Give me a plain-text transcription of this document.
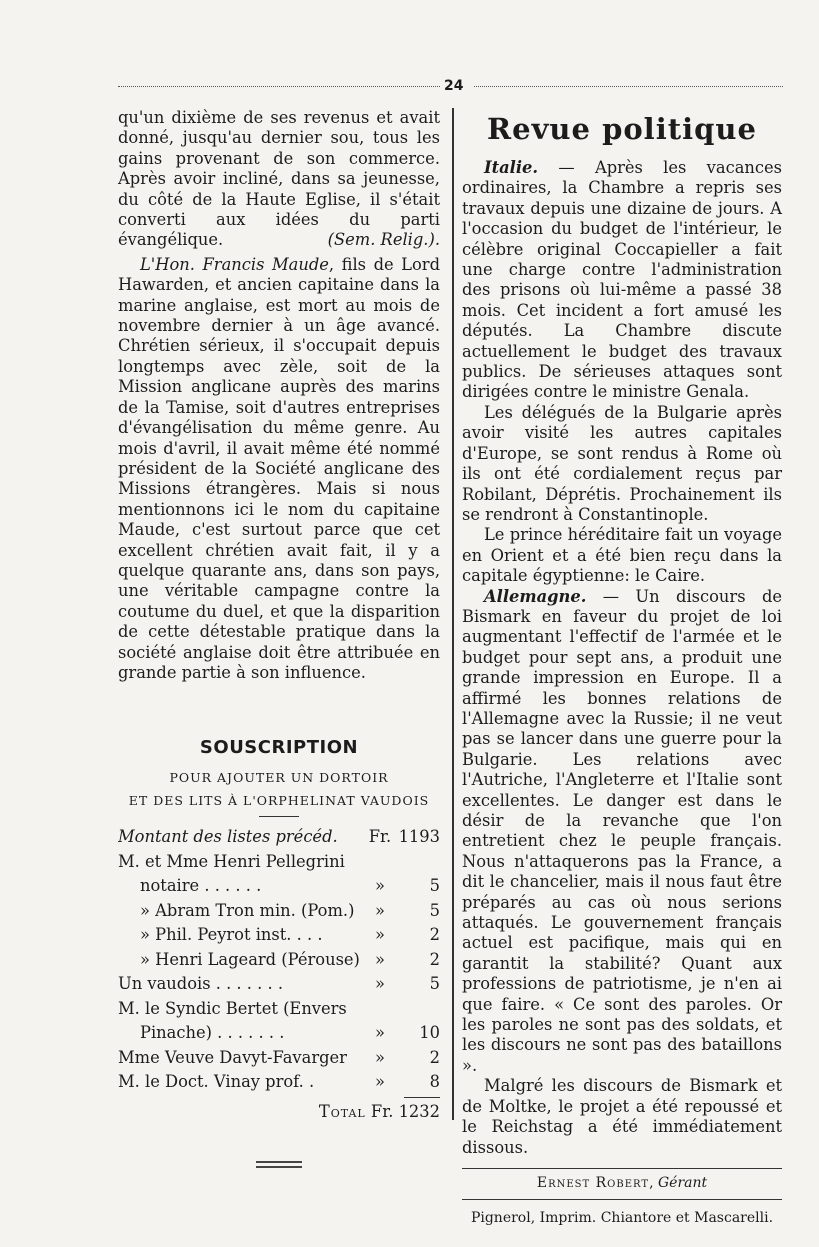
24

qu'un dixième de ses revenus et avait donné, jusqu'au dernier sou, tous les gains provenant de son commerce. Après avoir incliné, dans sa jeunesse, du côté de la Haute Eglise, il s'était converti aux idées du parti évangélique.	(Sem. Relig.).

L'Hon. Francis Maude, fils de Lord Hawarden, et ancien capitaine dans la marine anglaise, est mort au mois de novembre dernier à un âge avancé. Chrétien sérieux, il s'occupait depuis longtemps avec zèle, soit de la Mission anglicane auprès des marins de la Tamise, soit d'autres entreprises d'évangélisation du même genre. Au mois d'avril, il avait même été nommé président de la Société anglicane des Missions étrangères. Mais si nous mentionnons ici le nom du capitaine Maude, c'est surtout parce que cet excellent chrétien avait fait, il y a quelque quarante ans, dans son pays, une véritable campagne contre la coutume du duel, et que la disparition de cette détestable pratique dans la société anglaise doit être attribuée en grande partie à son influence.

SOUSCRIPTION
POUR AJOUTER UN DORTOIR
ET DES LITS À L'ORPHELINAT VAUDOIS
Montant des listes précéd.	Fr. 1193
M. et Mme Henri Pellegrini
notaire . . . . . .	»	5
» Abram Tron min. (Pom.)	»	5
» Phil. Peyrot inst. . . .	»	2
» Henri Lageard (Pérouse) »	2
Un vaudois . . . . . . .	»	5
M. le Syndic Bertet (Envers
Pinache) . . . . . . .	»	10
Mme Veuve Davyt-Favarger	»	2
M. le Doct. Vinay prof. .	»	8
Total Fr. 1232
Revue politique

Italie. — Après les vacances ordinaires, la Chambre a repris ses travaux depuis une dizaine de jours. A l'occasion du budget de l'intérieur, le célèbre original Coccapieller a fait une charge contre l'administration des prisons où lui-même a passé 38 mois. Cet incident a fort amusé les députés. La Chambre discute actuellement le budget des travaux publics. De sérieuses attaques sont dirigées contre le ministre Genala.

Les délégués de la Bulgarie après avoir visité les autres capitales d'Europe, se sont rendus à Rome où ils ont été cordialement reçus par Robilant, Déprétis. Prochainement ils se rendront à Constantinople.

Le prince héréditaire fait un voyage en Orient et a été bien reçu dans la capitale égyptienne: le Caire.

Allemagne. — Un discours de Bismark en faveur du projet de loi augmentant l'effectif de l'armée et le budget pour sept ans, a produit une grande impression en Europe. Il a affirmé les bonnes relations de l'Allemagne avec la Russie; il ne veut pas se lancer dans une guerre pour la Bulgarie. Les relations avec l'Autriche, l'Angleterre et l'Italie sont excellentes. Le danger est dans le désir de la revanche que l'on entretient chez le peuple français. Nous n'attaquerons pas la France, a dit le chancelier, mais il nous faut être préparés au cas où nous serions attaqués. Le gouvernement français actuel est pacifique, mais qui en garantit la stabilité? Quant aux professions de patriotisme, je n'en ai que faire. « Ce sont des paroles. Or les paroles ne sont pas des soldats, et les discours ne sont pas des bataillons ».

Malgré les discours de Bismark et de Moltke, le projet a été repoussé et le Reichstag a été immédiatement dissous.

Ernest Robert, Gérant
Pignerol, Imprim. Chiantore et Mascarelli.
